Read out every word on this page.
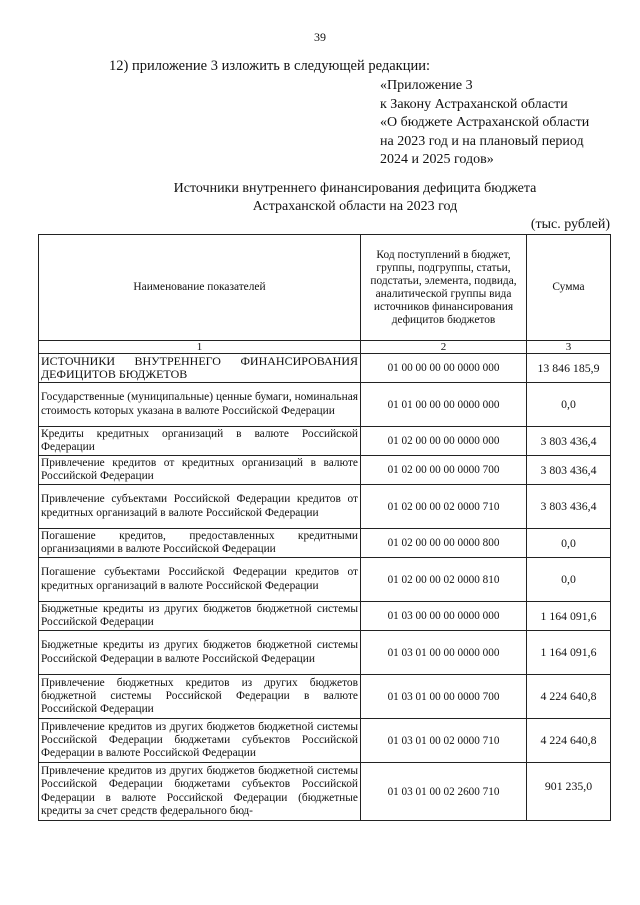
39
12) приложение 3 изложить в следующей редакции:
«Приложение 3
к Закону Астраханской области
«О бюджете Астраханской области
на 2023 год и на плановый период
2024 и 2025 годов»
Источники внутреннего финансирования дефицита бюджета
Астраханской области на 2023 год
(тыс. рублей)
Наименование показателей	Код поступлений в бюджет, группы, подгруппы, статьи, подстатьи, элемента, подвида, аналитической группы вида источников финансирования дефицитов бюджетов	Сумма
1	2	3
ИСТОЧНИКИ ВНУТРЕННЕГО ФИНАНСИРОВАНИЯ ДЕФИЦИТОВ БЮДЖЕТОВ	01 00 00 00 00 0000 000	13 846 185,9
Государственные (муниципальные) ценные бумаги, номинальная стоимость которых указана в валюте Российской Федерации	01 01 00 00 00 0000 000	0,0
Кредиты кредитных организаций в валюте Российской Федерации	01 02 00 00 00 0000 000	3 803 436,4
Привлечение кредитов от кредитных организаций в валюте Российской Федерации	01 02 00 00 00 0000 700	3 803 436,4
Привлечение субъектами Российской Федерации кредитов от кредитных организаций в валюте Российской Федерации	01 02 00 00 02 0000 710	3 803 436,4
Погашение кредитов, предоставленных кредитными организациями в валюте Российской Федерации	01 02 00 00 00 0000 800	0,0
Погашение субъектами Российской Федерации кредитов от кредитных организаций в валюте Российской Федерации	01 02 00 00 02 0000 810	0,0
Бюджетные кредиты из других бюджетов бюджетной системы Российской Федерации	01 03 00 00 00 0000 000	1 164 091,6
Бюджетные кредиты из других бюджетов бюджетной системы Российской Федерации в валюте Российской Федерации	01 03 01 00 00 0000 000	1 164 091,6
Привлечение бюджетных кредитов из других бюджетов бюджетной системы Российской Федерации в валюте Российской Федерации	01 03 01 00 00 0000 700	4 224 640,8
Привлечение кредитов из других бюджетов бюджетной системы Российской Федерации бюджетами субъектов Российской Федерации в валюте Российской Федерации	01 03 01 00 02 0000 710	4 224 640,8
Привлечение кредитов из других бюджетов бюджетной системы Российской Федерации бюджетами субъектов Российской Федерации в валюте Российской Федерации (бюджетные кредиты за счет средств федерального бюд-	01 03 01 00 02 2600 710	901 235,0
